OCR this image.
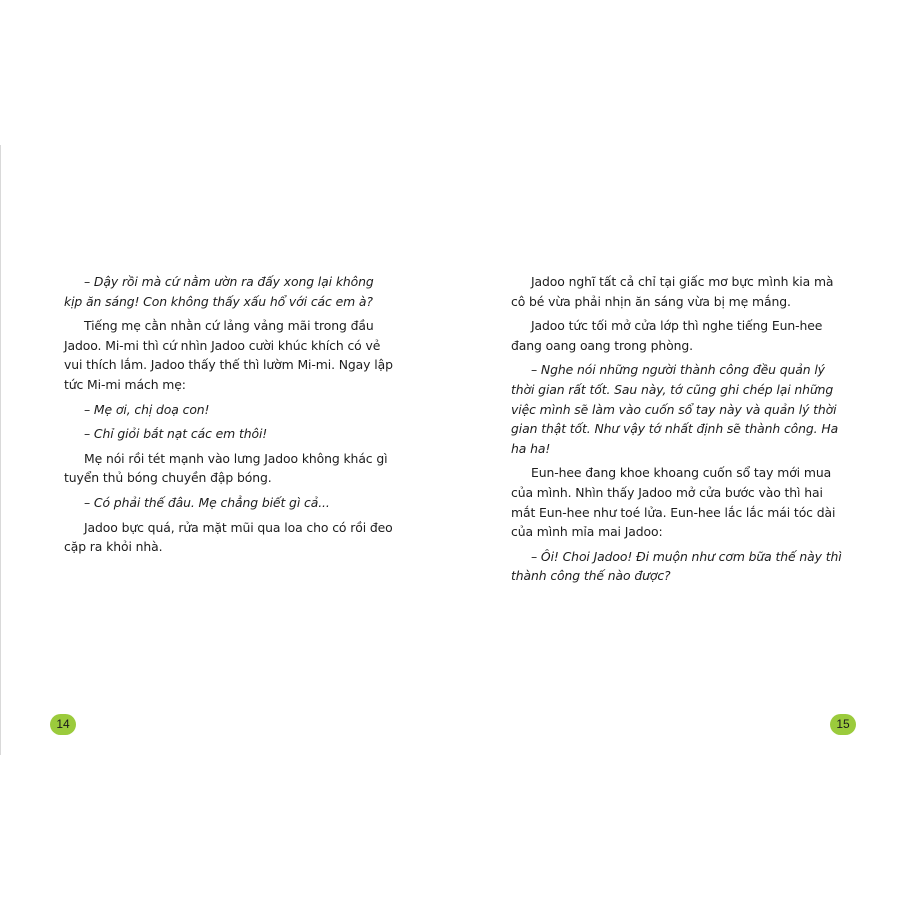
– Dậy rồi mà cứ nằm ườn ra đấy xong lại không kịp ăn sáng! Con không thấy xấu hổ với các em à?

Tiếng mẹ cằn nhằn cứ lảng vảng mãi trong đầu Jadoo. Mi-mi thì cứ nhìn Jadoo cười khúc khích có vẻ vui thích lắm. Jadoo thấy thế thì lườm Mi-mi. Ngay lập tức Mi-mi mách mẹ:

– Mẹ ơi, chị doạ con!

– Chỉ giỏi bắt nạt các em thôi!

Mẹ nói rồi tét mạnh vào lưng Jadoo không khác gì tuyển thủ bóng chuyền đập bóng.

– Có phải thế đâu. Mẹ chẳng biết gì cả...

Jadoo bực quá, rửa mặt mũi qua loa cho có rồi đeo cặp ra khỏi nhà.

Jadoo nghĩ tất cả chỉ tại giấc mơ bực mình kia mà cô bé vừa phải nhịn ăn sáng vừa bị mẹ mắng.

Jadoo tức tối mở cửa lớp thì nghe tiếng Eun-hee đang oang oang trong phòng.

– Nghe nói những người thành công đều quản lý thời gian rất tốt. Sau này, tớ cũng ghi chép lại những việc mình sẽ làm vào cuốn sổ tay này và quản lý thời gian thật tốt. Như vậy tớ nhất định sẽ thành công. Ha ha ha!

Eun-hee đang khoe khoang cuốn sổ tay mới mua của mình. Nhìn thấy Jadoo mở cửa bước vào thì hai mắt Eun-hee như toé lửa. Eun-hee lắc lắc mái tóc dài của mình mỉa mai Jadoo:

– Ôi! Choi Jadoo! Đi muộn như cơm bữa thế này thì thành công thế nào được?

14	15
